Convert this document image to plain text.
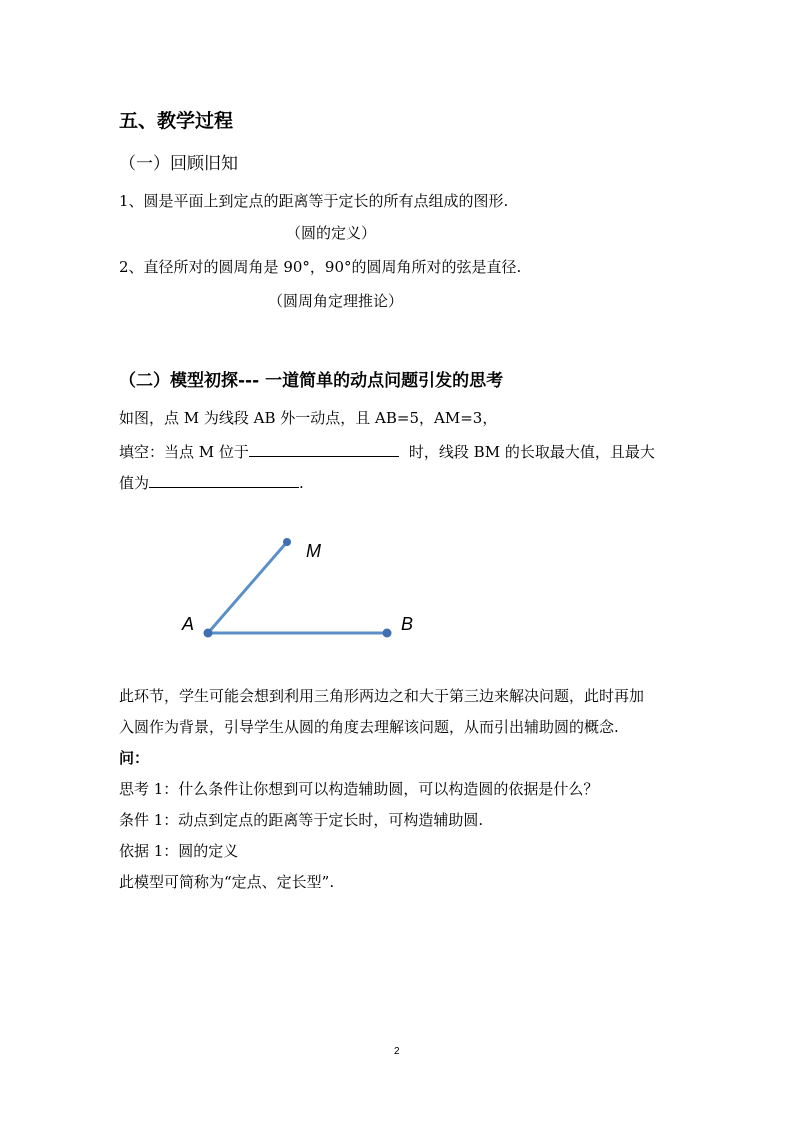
五、教学过程
（一）回顾旧知
1、圆是平面上到定点的距离等于定长的所有点组成的图形.
（圆的定义）
2、直径所对的圆周角是 90°，90°的圆周角所对的弦是直径.
（圆周角定理推论）
（二）模型初探--- 一道简单的动点问题引发的思考
如图，点 M 为线段 AB 外一动点，且 AB=5，AM=3，
填空：当点 M 位于	时，线段 BM 的长取最大值，且最大
值为	.
M
A	B
此环节，学生可能会想到利用三角形两边之和大于第三边来解决问题，此时再加
入圆作为背景，引导学生从圆的角度去理解该问题，从而引出辅助圆的概念.
问：
思考 1：什么条件让你想到可以构造辅助圆，可以构造圆的依据是什么？
条件 1：动点到定点的距离等于定长时，可构造辅助圆.
依据 1：圆的定义
此模型可简称为“定点、定长型”.
2
